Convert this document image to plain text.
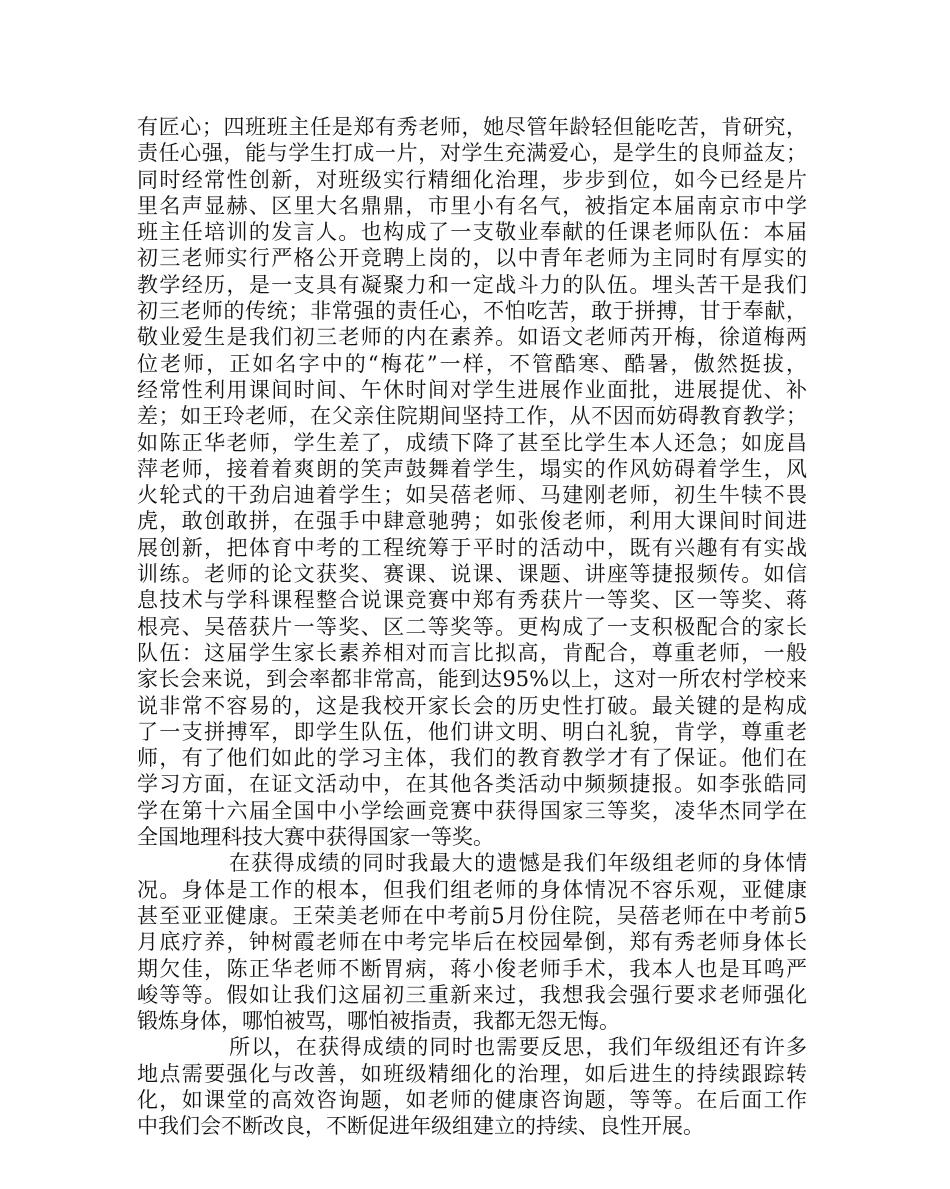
有匠心；四班班主任是郑有秀老师，她尽管年龄轻但能吃苦，肯研究，
责任心强，能与学生打成一片，对学生充满爱心，是学生的良师益友；
同时经常性创新，对班级实行精细化治理，步步到位，如今已经是片
里名声显赫、区里大名鼎鼎，市里小有名气，被指定本届南京市中学
班主任培训的发言人。也构成了一支敬业奉献的任课老师队伍：本届
初三老师实行严格公开竞聘上岗的，以中青年老师为主同时有厚实的
教学经历，是一支具有凝聚力和一定战斗力的队伍。埋头苦干是我们
初三老师的传统；非常强的责任心，不怕吃苦，敢于拼搏，甘于奉献，
敬业爱生是我们初三老师的内在素养。如语文老师芮开梅，徐道梅两
位老师，正如名字中的“梅花”一样，不管酷寒、酷暑，傲然挺拔，
经常性利用课间时间、午休时间对学生进展作业面批，进展提优、补
差；如王玲老师，在父亲住院期间坚持工作，从不因而妨碍教育教学；
如陈正华老师，学生差了，成绩下降了甚至比学生本人还急；如庞昌
萍老师，接着着爽朗的笑声鼓舞着学生，塌实的作风妨碍着学生，风
火轮式的干劲启迪着学生；如吴蓓老师、马建刚老师，初生牛犊不畏
虎，敢创敢拼，在强手中肆意驰骋；如张俊老师，利用大课间时间进
展创新，把体育中考的工程统筹于平时的活动中，既有兴趣有有实战
训练。老师的论文获奖、赛课、说课、课题、讲座等捷报频传。如信
息技术与学科课程整合说课竞赛中郑有秀获片一等奖、区一等奖、蒋
根亮、吴蓓获片一等奖、区二等奖等。更构成了一支积极配合的家长
队伍：这届学生家长素养相对而言比拟高，肯配合，尊重老师，一般
家长会来说，到会率都非常高，能到达95%以上，这对一所农村学校来
说非常不容易的，这是我校开家长会的历史性打破。最关键的是构成
了一支拼搏军，即学生队伍，他们讲文明、明白礼貌，肯学，尊重老
师，有了他们如此的学习主体，我们的教育教学才有了保证。他们在
学习方面，在证文活动中，在其他各类活动中频频捷报。如李张皓同
学在第十六届全国中小学绘画竞赛中获得国家三等奖，凌华杰同学在
全国地理科技大赛中获得国家一等奖。
在获得成绩的同时我最大的遗憾是我们年级组老师的身体情
况。身体是工作的根本，但我们组老师的身体情况不容乐观，亚健康
甚至亚亚健康。王荣美老师在中考前5月份住院，吴蓓老师在中考前5
月底疗养，钟树霞老师在中考完毕后在校园晕倒，郑有秀老师身体长
期欠佳，陈正华老师不断胃病，蒋小俊老师手术，我本人也是耳鸣严
峻等等。假如让我们这届初三重新来过，我想我会强行要求老师强化
锻炼身体，哪怕被骂，哪怕被指责，我都无怨无悔。
所以，在获得成绩的同时也需要反思，我们年级组还有许多
地点需要强化与改善，如班级精细化的治理，如后进生的持续跟踪转
化，如课堂的高效咨询题，如老师的健康咨询题，等等。在后面工作
中我们会不断改良，不断促进年级组建立的持续、良性开展。
